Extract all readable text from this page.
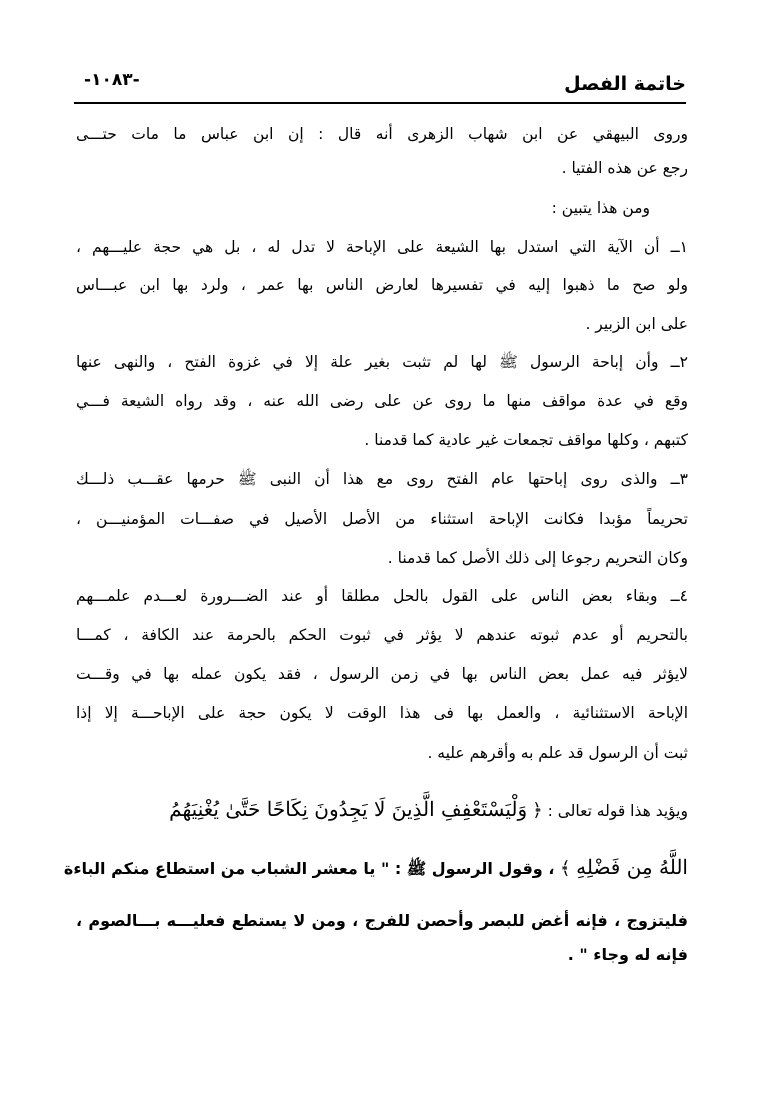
خاتمة الفصل
-١٠٨٣-
وروى البيهقي عن ابن شهاب الزهرى أنه قال : إن ابن عباس ما مات حتـــى
رجع عن هذه الفتيا .
ومن هذا يتبين :
١ــ أن الآية التي استدل بها الشيعة على الإباحة لا تدل له ، بل هي حجة عليـــهم ،
ولو صح ما ذهبوا إليه في تفسيرها لعارض الناس بها عمر ، ولرد بها ابن عبـــاس
على ابن الزبير .
٢ــ وأن إباحة الرسول ﷺ لها لم تثبت بغير علة إلا في غزوة الفتح ، والنهى عنها
وقع في عدة مواقف منها ما روى عن على رضى الله عنه ، وقد رواه الشيعة فـــي
كتبهم ، وكلها مواقف تجمعات غير عادية كما قدمنا .
٣ــ والذى روى إباحتها عام الفتح روى مع هذا أن النبى ﷺ حرمها عقـــب ذلـــك
تحريماً مؤبدا فكانت الإباحة استثناء من الأصل الأصيل في صفـــات المؤمنيـــن ،
وكان التحريم رجوعا إلى ذلك الأصل كما قدمنا .
٤ــ وبقاء بعض الناس على القول بالحل مطلقا أو عند الضـــرورة لعـــدم علمـــهم
بالتحريم أو عدم ثبوته عندهم لا يؤثر في ثبوت الحكم بالحرمة عند الكافة ، كمـــا
لايؤثر فيه عمل بعض الناس بها في زمن الرسول ، فقد يكون عمله بها في وقـــت
الإباحة الاستثنائية ، والعمل بها فى هذا الوقت لا يكون حجة على الإباحـــة إلا إذا
ثبت أن الرسول قد علم به وأقرهم عليه .
ويؤيد هذا قوله تعالى : ﴿ وَلْيَسْتَعْفِفِ الَّذِينَ لَا يَجِدُونَ نِكَاحًا حَتَّىٰ يُغْنِيَهُمُ
اللَّهُ مِن فَضْلِهِ ﴾ ، وقول الرسول ﷺ : " يا معشر الشباب من استطاع منكم الباءة
فليتزوج ، فإنه أغض للبصر وأحصن للفرج ، ومن لا يستطع فعليـــه بـــالصوم ،
فإنه له وجاء " .
